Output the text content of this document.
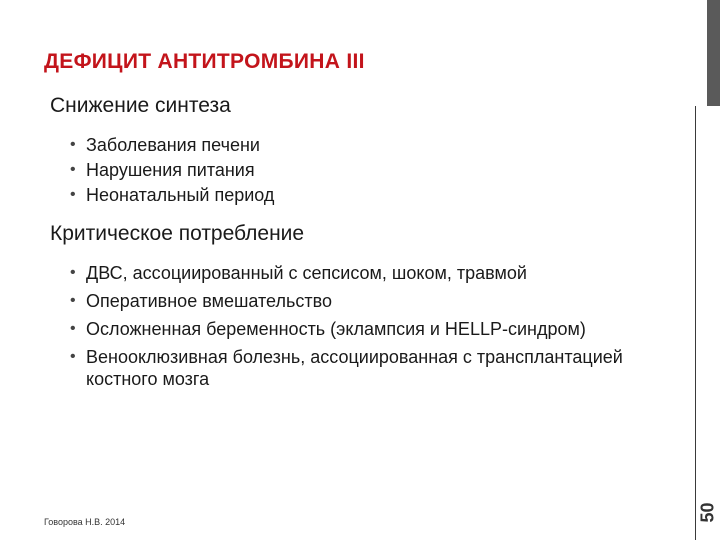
ДЕФИЦИТ АНТИТРОМБИНА III
Снижение синтеза
• Заболевания печени
• Нарушения питания
• Неонатальный период
Критическое потребление
• ДВС, ассоциированный с сепсисом, шоком, травмой
• Оперативное вмешательство
• Осложненная беременность (эклампсия и HELLP-синдром)
• Венооклюзивная болезнь, ассоциированная с трансплантацией костного мозга
Говорова Н.В. 2014	50
